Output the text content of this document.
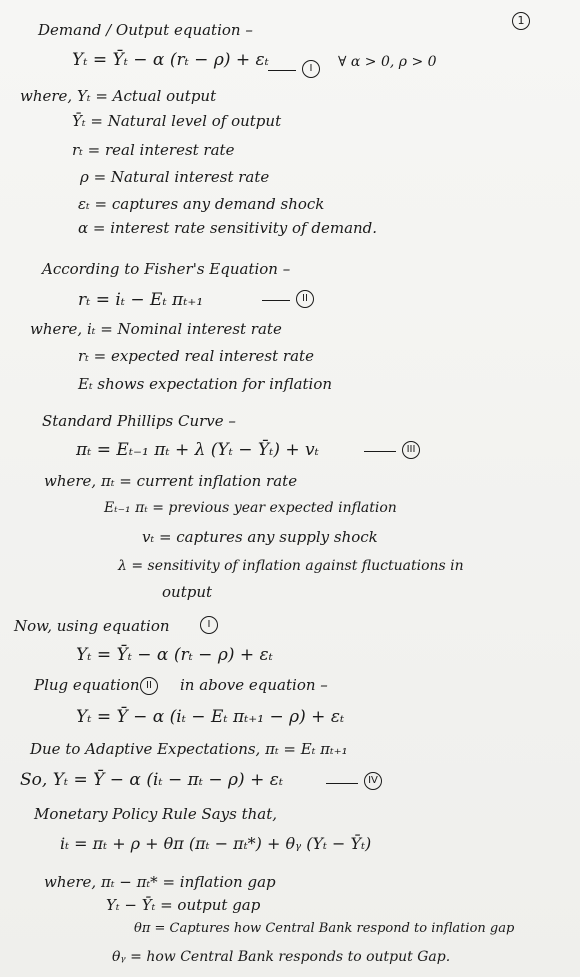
1
Demand / Output equation –
Yₜ = Ȳₜ − α (rₜ − ρ) + εₜ	I	∀ α > 0, ρ > 0
where, Yₜ = Actual output
Ȳₜ = Natural level of output
rₜ = real interest rate
ρ = Natural interest rate
εₜ = captures any demand shock
α = interest rate sensitivity of demand.
According to Fisher's Equation –
rₜ = iₜ − Eₜ πₜ₊₁	II
where, iₜ = Nominal interest rate
rₜ = expected real interest rate
Eₜ shows expectation for inflation
Standard Phillips Curve –
πₜ = Eₜ₋₁ πₜ + λ (Yₜ − Ȳₜ) + vₜ	III
where, πₜ = current inflation rate
Eₜ₋₁ πₜ = previous year expected inflation
vₜ = captures any supply shock
λ = sensitivity of inflation against fluctuations in
output
Now, using equation	I
Yₜ = Ȳₜ − α (rₜ − ρ) + εₜ
Plug equation II	in above equation –
Yₜ = Ȳ − α (iₜ − Eₜ πₜ₊₁ − ρ) + εₜ
Due to Adaptive Expectations, πₜ = Eₜ πₜ₊₁
So, Yₜ = Ȳ − α (iₜ − πₜ − ρ) + εₜ	IV
Monetary Policy Rule Says that,
iₜ = πₜ + ρ + θπ (πₜ − πₜ*) + θᵧ (Yₜ − Ȳₜ)
where, πₜ − πₜ* = inflation gap
Yₜ − Ȳₜ = output gap
θπ = Captures how Central Bank respond to inflation gap
θᵧ = how Central Bank responds to output Gap.
